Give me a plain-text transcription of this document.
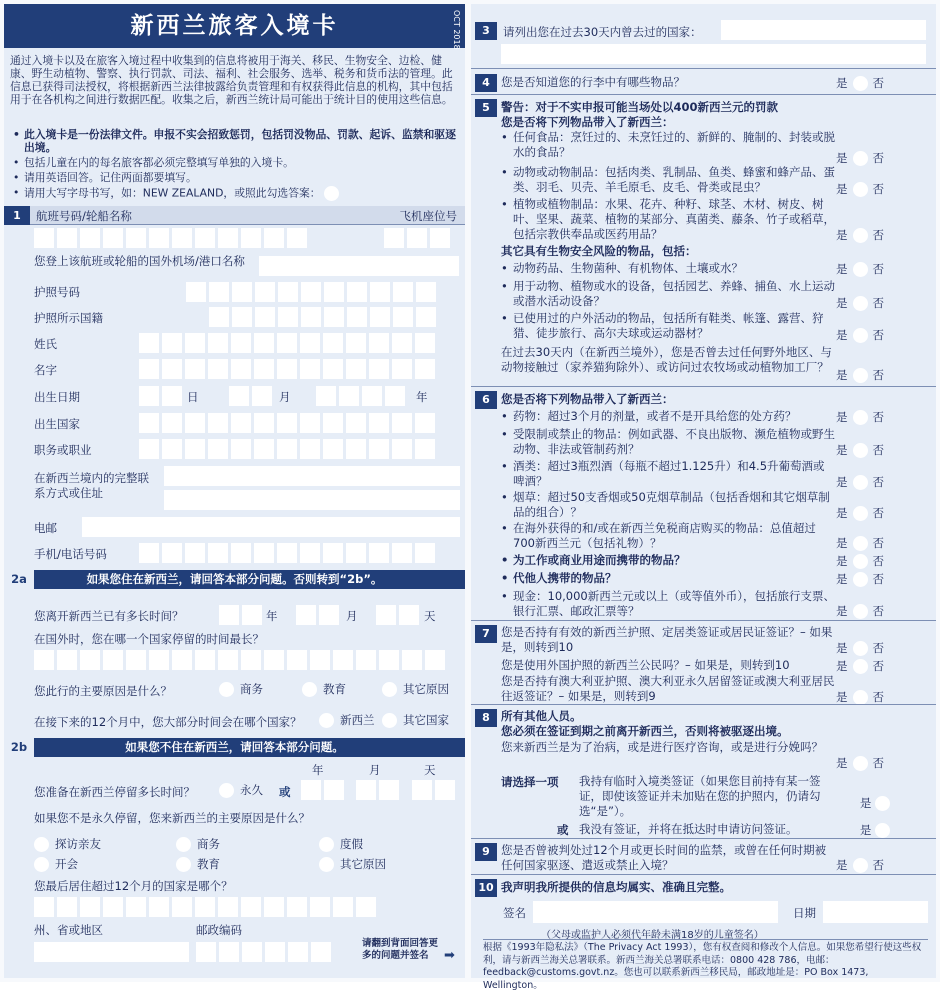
新西兰旅客入境卡	OCT 2018
通过入境卡以及在旅客入境过程中收集到的信息将被用于海关、移民、生物安全、边检、健康、野生动植物、警察、执行罚款、司法、福利、社会服务、选举、税务和货币法的管理。此信息已获得司法授权，将根据新西兰法律披露给负责管理和有权获得此信息的机构，其中包括用于在各机构之间进行数据匹配。收集之后，新西兰统计局可能出于统计目的使用这些信息。
• 此入境卡是一份法律文件。申报不实会招致惩罚，包括罚没物品、罚款、起诉、监禁和驱逐出境。
• 包括儿童在内的每名旅客都必须完整填写单独的入境卡。
• 请用英语回答。记住两面都要填写。
• 请用大写字母书写，如：NEW ZEALAND，或照此勾选答案：
1	航班号码/轮船名称	飞机座位号
您登上该航班或轮船的国外机场/港口名称
护照号码
护照所示国籍
姓氏
名字
出生日期	日	月	年
出生国家
职务或职业
在新西兰境内的完整联系方式或住址
电邮
手机/电话号码
2a	如果您住在新西兰，请回答本部分问题。否则转到“2b”。
您离开新西兰已有多长时间？	年	月	天
在国外时，您在哪一个国家停留的时间最长？
您此行的主要原因是什么？	商务	教育	其它原因
在接下来的12个月中，您大部分时间会在哪个国家？	新西兰	其它国家
2b	如果您不住在新西兰，请回答本部分问题。
年	月	天
您准备在新西兰停留多长时间？	永久 或
如果您不是永久停留，您来新西兰的主要原因是什么？
探访亲友	商务	度假
开会	教育	其它原因
您最后居住超过12个月的国家是哪个？
州、省或地区	邮政编码
请翻到背面回答更多的问题并签名	➡
3	请列出您在过去30天内曾去过的国家：
4 您是否知道您的行李中有哪些物品？	是 否
5 警告：对于不实申报可能当场处以400新西兰元的罚款
您是否将下列物品带入了新西兰：
• 任何食品：烹饪过的、未烹饪过的、新鲜的、腌制的、封装或脱水的食品？	是 否
• 动物或动物制品：包括肉类、乳制品、鱼类、蜂蜜和蜂产品、蛋类、羽毛、贝壳、羊毛原毛、皮毛、骨类或昆虫？	是 否
• 植物或植物制品：水果、花卉、种籽、球茎、木材、树皮、树叶、坚果、蔬菜、植物的某部分、真菌类、藤条、竹子或稻草，包括宗教供奉品或医药用品？	是 否
其它具有生物安全风险的物品，包括：
• 动物药品、生物菌种、有机物体、土壤或水？	是 否
• 用于动物、植物或水的设备，包括园艺、养蜂、捕鱼、水上运动或潜水活动设备？	是 否
• 已使用过的户外活动的物品，包括所有鞋类、帐篷、露营、狩猎、徒步旅行、高尔夫球或运动器材？	是 否
在过去30天内（在新西兰境外），您是否曾去过任何野外地区、与动物接触过（家养猫狗除外）、或访问过农牧场或动植物加工厂？
是 否
6 您是否将下列物品带入了新西兰：
• 药物：超过3个月的剂量，或者不是开具给您的处方药？	是 否
• 受限制或禁止的物品：例如武器、不良出版物、濒危植物或野生动物、非法或管制药剂？	是 否
• 酒类：超过3瓶烈酒（每瓶不超过1.125升）和4.5升葡萄酒或啤酒？	是 否
• 烟草：超过50支香烟或50克烟草制品（包括香烟和其它烟草制品的组合）？	是 否
• 在海外获得的和/或在新西兰免税商店购买的物品：总值超过700新西兰元（包括礼物）？	是 否
• 为工作或商业用途而携带的物品？	是 否
• 代他人携带的物品？	是 否
• 现金：10,000新西兰元或以上（或等值外币），包括旅行支票、银行汇票、邮政汇票等？	是 否
7 您是否持有有效的新西兰护照、定居类签证或居民证签证？– 如果是，则转到10	是 否
您是使用外国护照的新西兰公民吗？– 如果是，则转到10	是 否
您是否持有澳大利亚护照、澳大利亚永久居留签证或澳大利亚居民往返签证？– 如果是，则转到9	是 否
8 所有其他人员。
您必须在签证到期之前离开新西兰，否则将被驱逐出境。
您来新西兰是为了治病，或是进行医疗咨询，或是进行分娩吗？
是 否
请选择一项 我持有临时入境类签证（如果您目前持有某一签证，即使该签证并未加贴在您的护照内，仍请勾选“是”）。
是
或 我没有签证，并将在抵达时申请访问签证。	是
9 您是否曾被判处过12个月或更长时间的监禁，或曾在任何时期被任何国家驱逐、遣返或禁止入境？	是 否
10 我声明我所提供的信息均属实、准确且完整。
签名	日期
（父母或监护人必须代年龄未满18岁的儿童签名）
根据《1993年隐私法》（The Privacy Act 1993），您有权查阅和修改个人信息。如果您希望行使这些权利，请与新西兰海关总署联系。新西兰海关总署联系电话：0800 428 786，电邮：feedback@customs.govt.nz。您也可以联系新西兰移民局，邮政地址是：PO Box 1473, Wellington。
